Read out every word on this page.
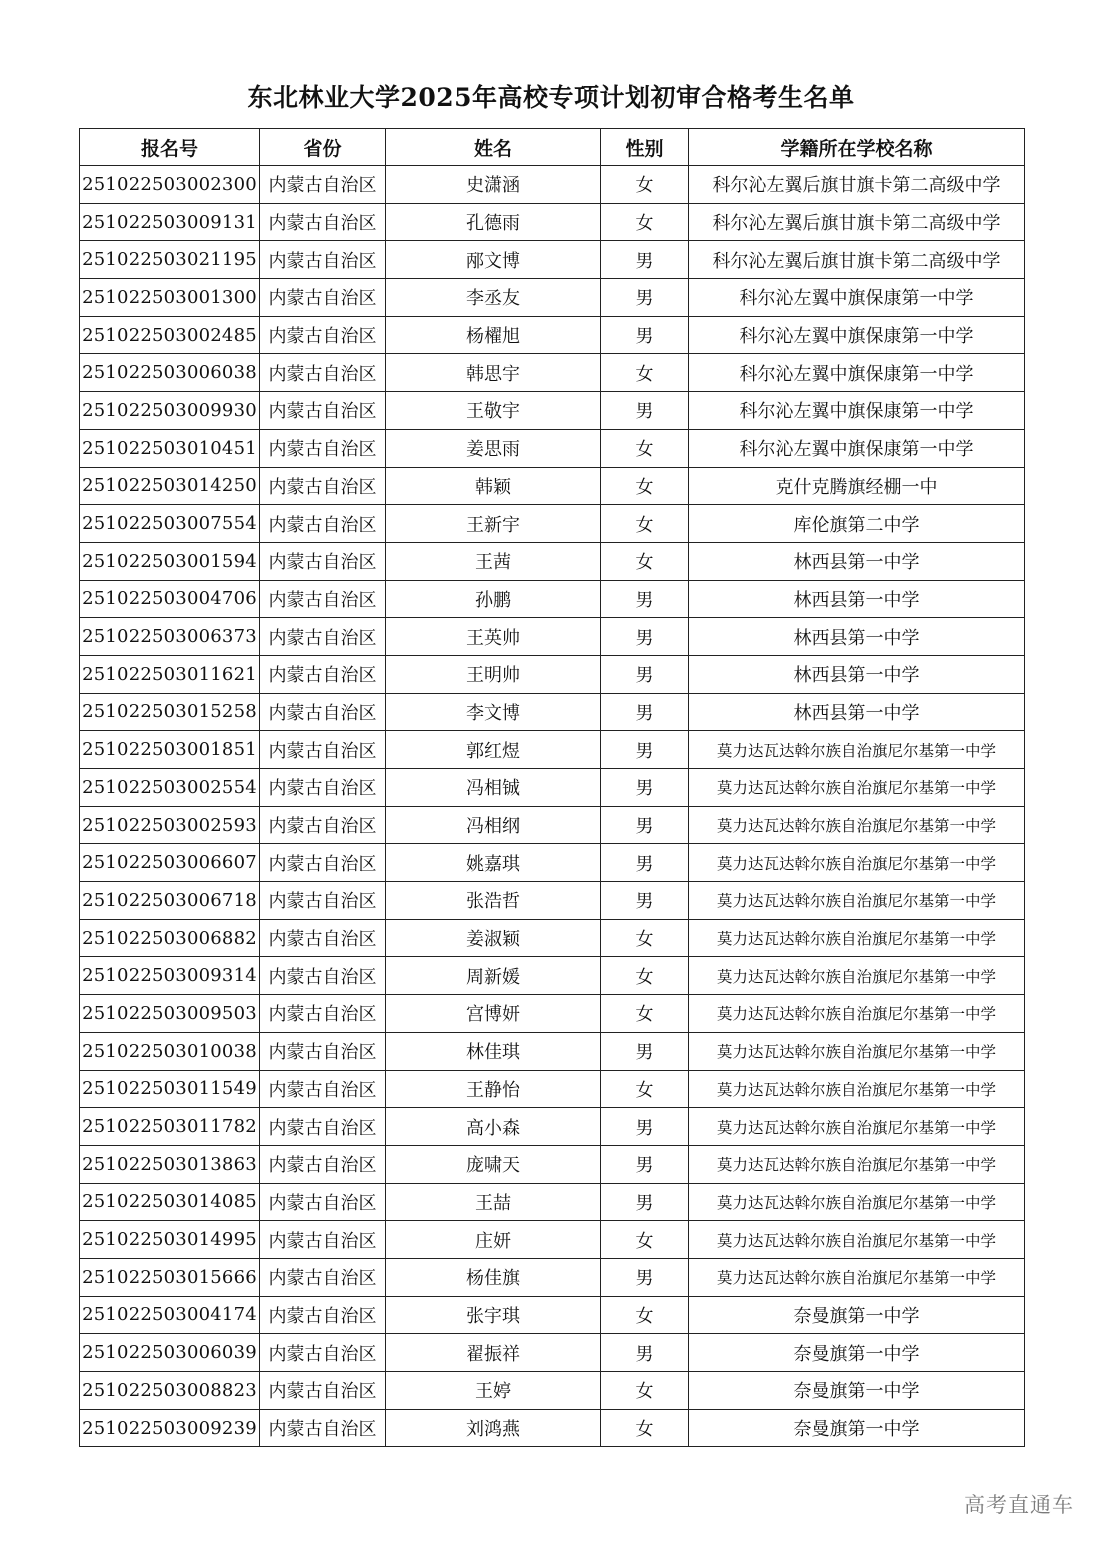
东北林业大学2025年高校专项计划初审合格考生名单
报名号	省份	姓名	性别	学籍所在学校名称
251022503002300	内蒙古自治区	史潇涵	女	科尔沁左翼后旗甘旗卡第二高级中学
251022503009131	内蒙古自治区	孔德雨	女	科尔沁左翼后旗甘旗卡第二高级中学
251022503021195	内蒙古自治区	邴文博	男	科尔沁左翼后旗甘旗卡第二高级中学
251022503001300	内蒙古自治区	李丞友	男	科尔沁左翼中旗保康第一中学
251022503002485	内蒙古自治区	杨櫂旭	男	科尔沁左翼中旗保康第一中学
251022503006038	内蒙古自治区	韩思宇	女	科尔沁左翼中旗保康第一中学
251022503009930	内蒙古自治区	王敬宇	男	科尔沁左翼中旗保康第一中学
251022503010451	内蒙古自治区	姜思雨	女	科尔沁左翼中旗保康第一中学
251022503014250	内蒙古自治区	韩颖	女	克什克腾旗经棚一中
251022503007554	内蒙古自治区	王新宇	女	库伦旗第二中学
251022503001594	内蒙古自治区	王茜	女	林西县第一中学
251022503004706	内蒙古自治区	孙鹏	男	林西县第一中学
251022503006373	内蒙古自治区	王英帅	男	林西县第一中学
251022503011621	内蒙古自治区	王明帅	男	林西县第一中学
251022503015258	内蒙古自治区	李文博	男	林西县第一中学
251022503001851	内蒙古自治区	郭红煜	男	莫力达瓦达斡尔族自治旗尼尔基第一中学
251022503002554	内蒙古自治区	冯相铖	男	莫力达瓦达斡尔族自治旗尼尔基第一中学
251022503002593	内蒙古自治区	冯相纲	男	莫力达瓦达斡尔族自治旗尼尔基第一中学
251022503006607	内蒙古自治区	姚嘉琪	男	莫力达瓦达斡尔族自治旗尼尔基第一中学
251022503006718	内蒙古自治区	张浩哲	男	莫力达瓦达斡尔族自治旗尼尔基第一中学
251022503006882	内蒙古自治区	姜淑颖	女	莫力达瓦达斡尔族自治旗尼尔基第一中学
251022503009314	内蒙古自治区	周新媛	女	莫力达瓦达斡尔族自治旗尼尔基第一中学
251022503009503	内蒙古自治区	宫博妍	女	莫力达瓦达斡尔族自治旗尼尔基第一中学
251022503010038	内蒙古自治区	林佳琪	男	莫力达瓦达斡尔族自治旗尼尔基第一中学
251022503011549	内蒙古自治区	王静怡	女	莫力达瓦达斡尔族自治旗尼尔基第一中学
251022503011782	内蒙古自治区	高小森	男	莫力达瓦达斡尔族自治旗尼尔基第一中学
251022503013863	内蒙古自治区	庞啸天	男	莫力达瓦达斡尔族自治旗尼尔基第一中学
251022503014085	内蒙古自治区	王喆	男	莫力达瓦达斡尔族自治旗尼尔基第一中学
251022503014995	内蒙古自治区	庄妍	女	莫力达瓦达斡尔族自治旗尼尔基第一中学
251022503015666	内蒙古自治区	杨佳旗	男	莫力达瓦达斡尔族自治旗尼尔基第一中学
251022503004174	内蒙古自治区	张宇琪	女	奈曼旗第一中学
251022503006039	内蒙古自治区	翟振祥	男	奈曼旗第一中学
251022503008823	内蒙古自治区	王婷	女	奈曼旗第一中学
251022503009239	内蒙古自治区	刘鸿燕	女	奈曼旗第一中学
高考直通车
